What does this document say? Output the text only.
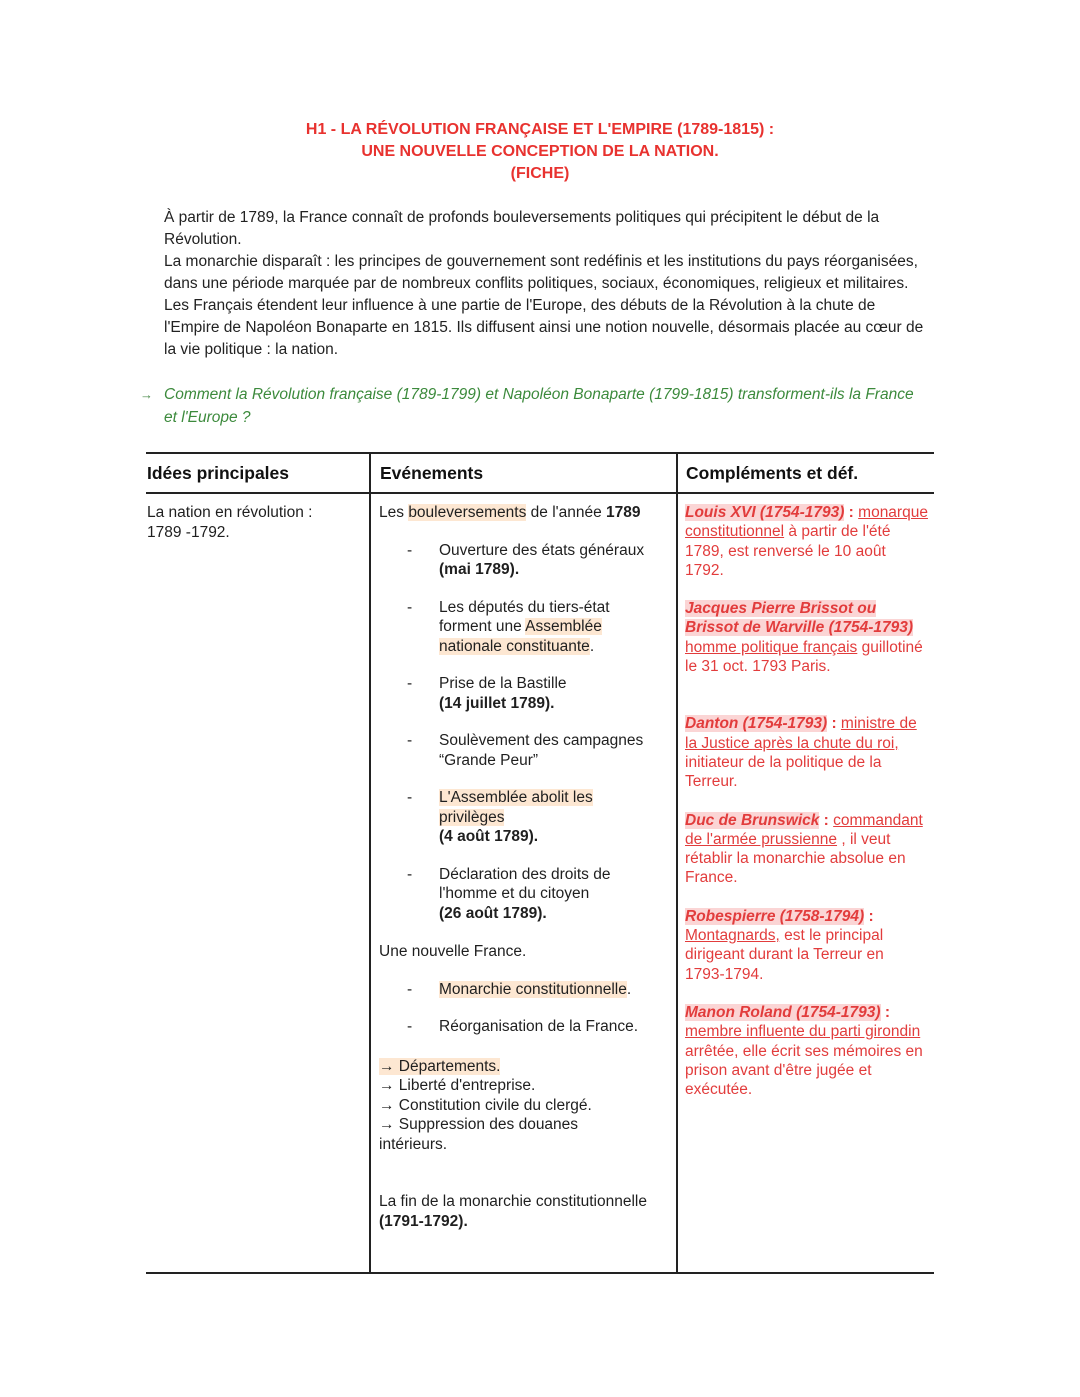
H1 - LA RÉVOLUTION FRANÇAISE ET L'EMPIRE (1789-1815) :
UNE NOUVELLE CONCEPTION DE LA NATION.
(FICHE)

À partir de 1789, la France connaît de profonds bouleversements politiques qui précipitent le début de la Révolution.

La monarchie disparaît : les principes de gouvernement sont redéfinis et les institutions du pays réorganisées, dans une période marquée par de nombreux conflits politiques, sociaux, économiques, religieux et militaires.

Les Français étendent leur influence à une partie de l'Europe, des débuts de la Révolution à la chute de l'Empire de Napoléon Bonaparte en 1815. Ils diffusent ainsi une notion nouvelle, désormais placée au cœur de la vie politique : la nation.

→ Comment la Révolution française (1789-1799) et Napoléon Bonaparte (1799-1815) transforment-ils la France et l'Europe ?
Idées principales	Evénements	Compléments et déf.
La nation en révolution :
1789 -1792.

Les bouleversements de l'année 1789

- Ouverture des états généraux
(mai 1789).
- Les députés du tiers-état
forment une Assemblée
nationale constituante.
- Prise de la Bastille
(14 juillet 1789).
- Soulèvement des campagnes
“Grande Peur”
- L'Assemblée abolit les
privilèges
(4 août 1789).
- Déclaration des droits de
l'homme et du citoyen
(26 août 1789).

Une nouvelle France.

- Monarchie constitutionnelle.
- Réorganisation de la France.
→ Départements.
→ Liberté d'entreprise.
→ Constitution civile du clergé.
→ Suppression des douanes
intérieurs.

La fin de la monarchie constitutionnelle
(1791-1792).

Louis XVI (1754-1793) : monarque
constitutionnel à partir de l'été
1789, est renversé le 10 août
1792.
Jacques Pierre Brissot ou
Brissot de Warville (1754-1793)
homme politique français guillotiné
le 31 oct. 1793 Paris.
Danton (1754-1793) : ministre de
la Justice après la chute du roi,
initiateur de la politique de la
Terreur.
Duc de Brunswick : commandant
de l'armée prussienne , il veut
rétablir la monarchie absolue en
France.
Robespierre (1758-1794) :
Montagnards, est le principal
dirigeant durant la Terreur en
1793-1794.
Manon Roland (1754-1793) :
membre influente du parti girondin
arrêtée, elle écrit ses mémoires en
prison avant d'être jugée et
exécutée.
